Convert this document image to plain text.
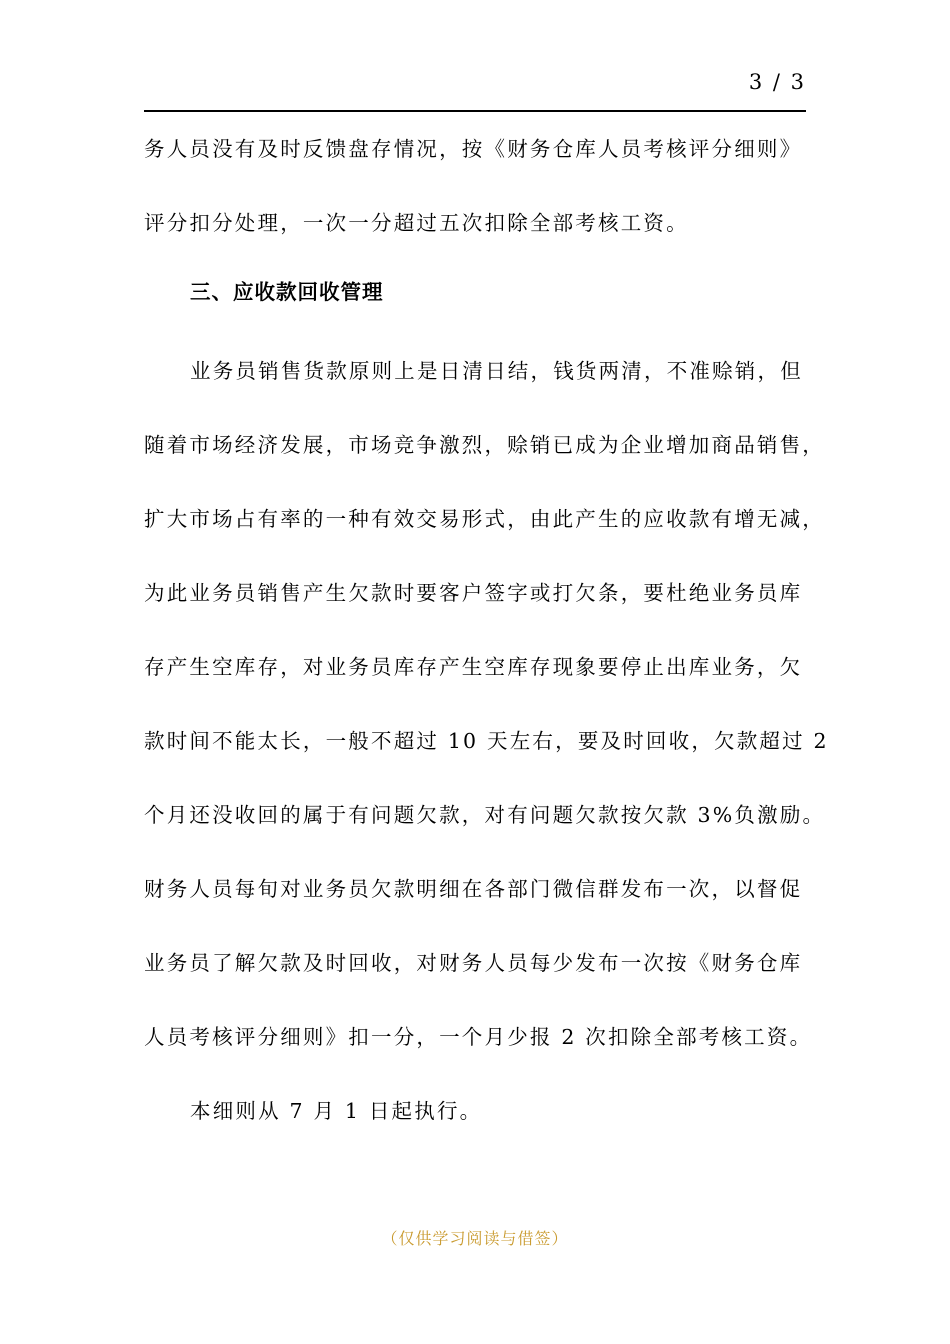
3 / 3
务人员没有及时反馈盘存情况，按《财务仓库人员考核评分细则》
评分扣分处理，一次一分超过五次扣除全部考核工资。
三、应收款回收管理
业务员销售货款原则上是日清日结，钱货两清，不准赊销，但
随着市场经济发展，市场竞争激烈，赊销已成为企业增加商品销售，
扩大市场占有率的一种有效交易形式，由此产生的应收款有增无减，
为此业务员销售产生欠款时要客户签字或打欠条，要杜绝业务员库
存产生空库存，对业务员库存产生空库存现象要停止出库业务，欠
款时间不能太长，一般不超过 10 天左右，要及时回收，欠款超过 2
个月还没收回的属于有问题欠款，对有问题欠款按欠款 3%负激励。
财务人员每旬对业务员欠款明细在各部门微信群发布一次，以督促
业务员了解欠款及时回收，对财务人员每少发布一次按《财务仓库
人员考核评分细则》扣一分，一个月少报 2 次扣除全部考核工资。
本细则从 7 月 1 日起执行。
（仅供学习阅读与借签）
